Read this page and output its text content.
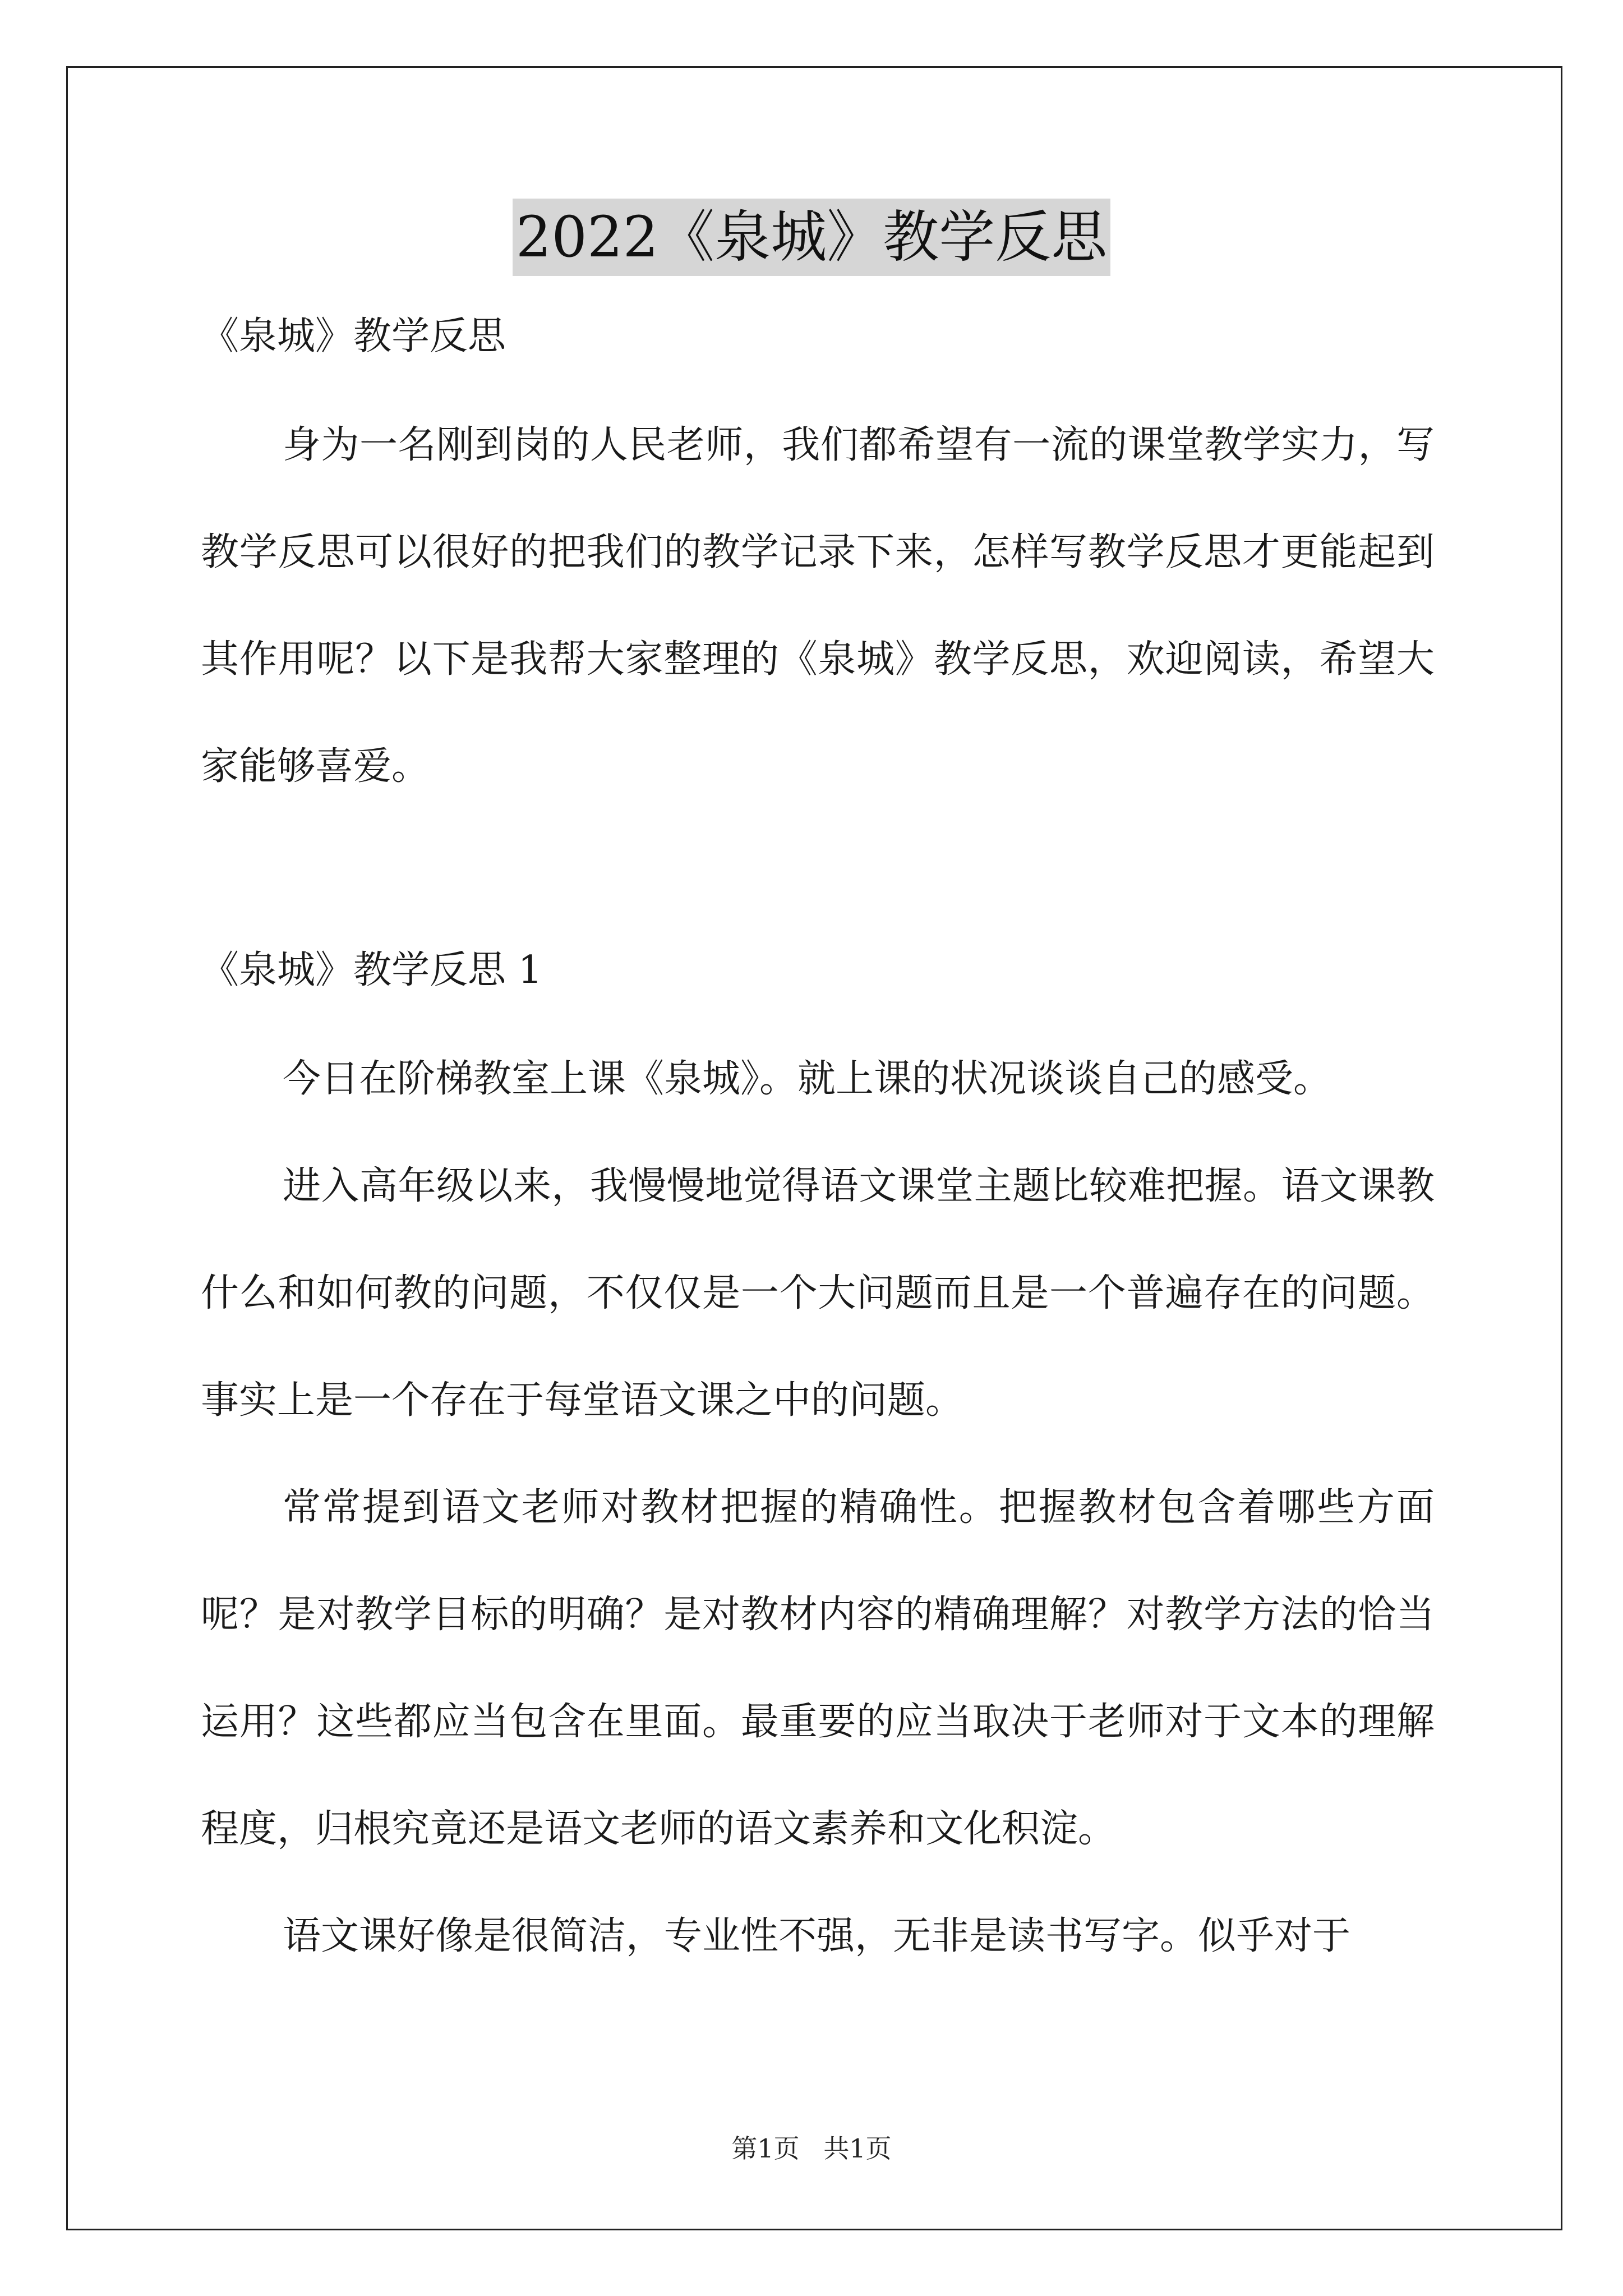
2022《泉城》教学反思

《泉城》教学反思

身为一名刚到岗的人民老师，我们都希望有一流的课堂教学实力，写教学反思可以很好的把我们的教学记录下来，怎样写教学反思才更能起到其作用呢？以下是我帮大家整理的《泉城》教学反思，欢迎阅读，希望大家能够喜爱。

《泉城》教学反思 1

今日在阶梯教室上课《泉城》。就上课的状况谈谈自己的感受。

进入高年级以来，我慢慢地觉得语文课堂主题比较难把握。语文课教什么和如何教的问题，不仅仅是一个大问题而且是一个普遍存在的问题。事实上是一个存在于每堂语文课之中的问题。

常常提到语文老师对教材把握的精确性。把握教材包含着哪些方面呢？是对教学目标的明确？是对教材内容的精确理解？对教学方法的恰当运用？这些都应当包含在里面。最重要的应当取决于老师对于文本的理解程度，归根究竟还是语文老师的语文素养和文化积淀。

语文课好像是很简洁，专业性不强，无非是读书写字。似乎对于

第1页 共1页
